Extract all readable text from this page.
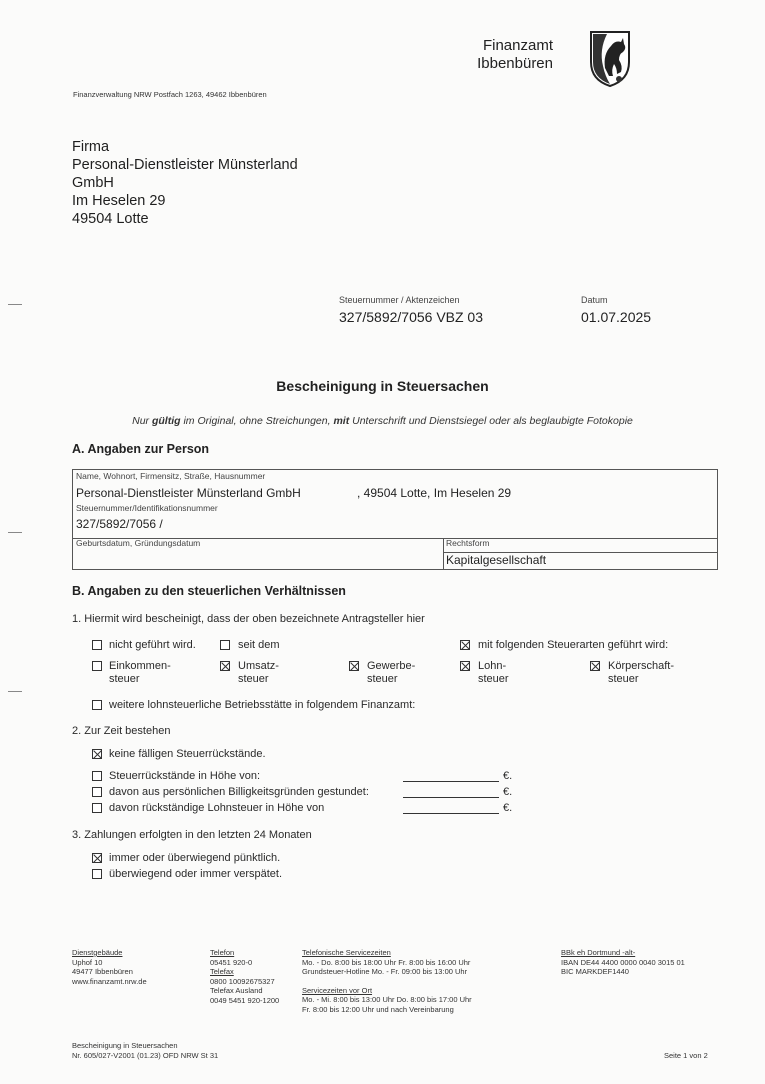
Finanzamt
Ibbenbüren
Finanzverwaltung NRW Postfach 1263, 49462 Ibbenbüren
Firma
Personal-Dienstleister Münsterland
GmbH
Im Heselen 29
49504 Lotte
Steuernummer / Aktenzeichen
327/5892/7056 VBZ 03
Datum
01.07.2025
Bescheinigung in Steuersachen
Nur gültig im Original, ohne Streichungen, mit Unterschrift und Dienstsiegel oder als beglaubigte Fotokopie
A. Angaben zur Person
Name, Wohnort, Firmensitz, Straße, Hausnummer
Personal-Dienstleister Münsterland GmbH	, 49504 Lotte, Im Heselen 29
Steuernummer/Identifikationsnummer
327/5892/7056 /
Geburtsdatum, Gründungsdatum	Rechtsform
Kapitalgesellschaft
B. Angaben zu den steuerlichen Verhältnissen
1. Hiermit wird bescheinigt, dass der oben bezeichnete Antragsteller hier
nicht geführt wird.	seit dem	mit folgenden Steuerarten geführt wird:
Einkommen-
steuer
Umsatz-
steuer
Gewerbe-
steuer
Lohn-
steuer
Körperschaft-
steuer
weitere lohnsteuerliche Betriebsstätte in folgendem Finanzamt:
2. Zur Zeit bestehen
keine fälligen Steuerrückstände.
Steuerrückstände in Höhe von:	€.
davon aus persönlichen Billigkeitsgründen gestundet:	€.
davon rückständige Lohnsteuer in Höhe von	€.
3. Zahlungen erfolgten in den letzten 24 Monaten
immer oder überwiegend pünktlich.
überwiegend oder immer verspätet.
Dienstgebäude
Uphof 10
49477 Ibbenbüren
www.finanzamt.nrw.de
Telefon
05451 920-0
Telefax
0800 10092675327
Telefax Ausland
0049 5451 920-1200
Telefonische Servicezeiten
Mo. - Do. 8:00 bis 18:00 Uhr Fr. 8:00 bis 16:00 Uhr
Grundsteuer-Hotline Mo. - Fr. 09:00 bis 13:00 Uhr
Servicezeiten vor Ort
Mo. - Mi. 8:00 bis 13:00 Uhr Do. 8:00 bis 17:00 Uhr
Fr. 8:00 bis 12:00 Uhr und nach Vereinbarung
BBk eh Dortmund -alt-
IBAN DE44 4400 0000 0040 3015 01
BIC MARKDEF1440
Bescheinigung in Steuersachen
Nr. 605/027-V2001 (01.23) OFD NRW St 31	Seite 1 von 2
